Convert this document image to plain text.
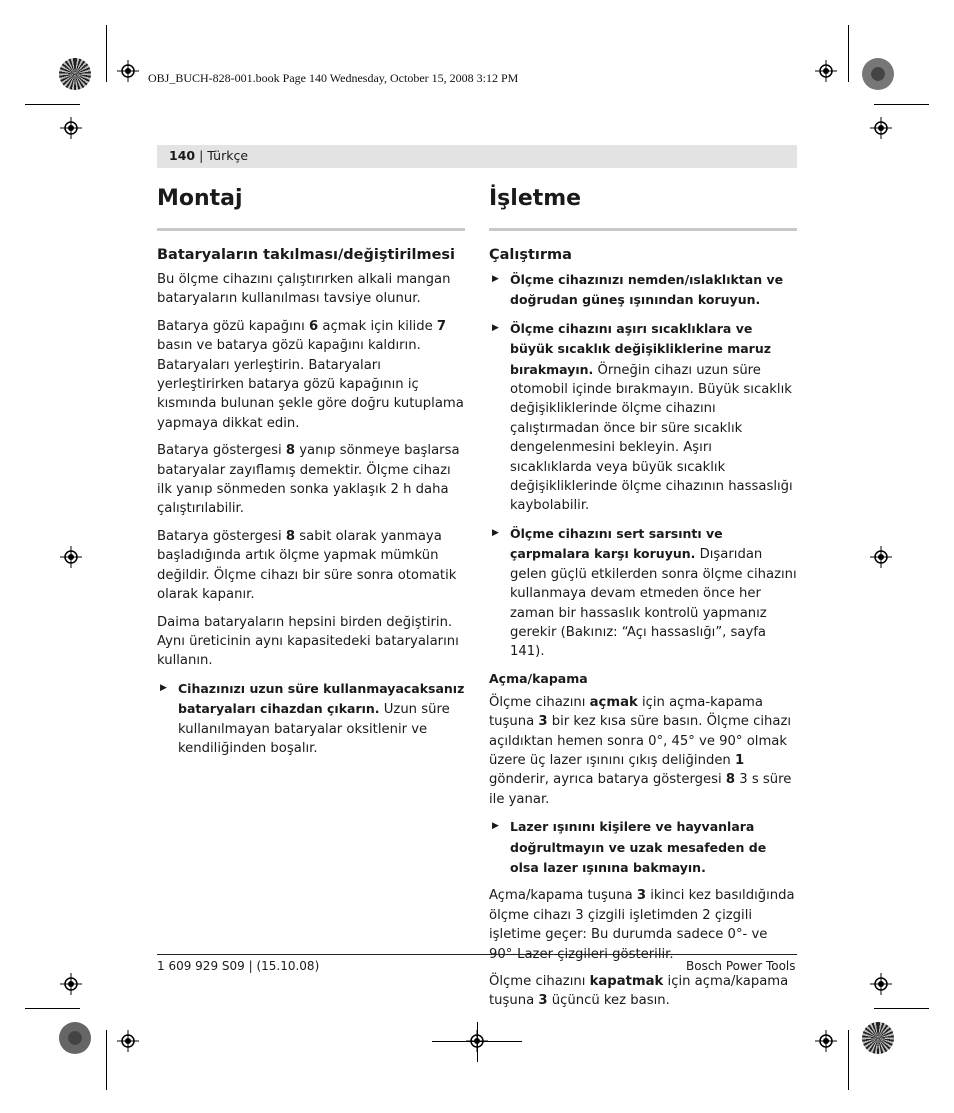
OBJ_BUCH-828-001.book Page 140 Wednesday, October 15, 2008 3:12 PM
140 | Türkçe
Montaj
Bataryaların takılması/değiştirilmesi

Bu ölçme cihazını çalıştırırken alkali mangan bataryaların kullanılması tavsiye olunur.

Batarya gözü kapağını 6 açmak için kilide 7 basın ve batarya gözü kapağını kaldırın. Bataryaları yerleştirin. Bataryaları yerleştirirken batarya gözü kapağının iç kısmında bulunan şekle göre doğru kutuplama yapmaya dikkat edin.

Batarya göstergesi 8 yanıp sönmeye başlarsa bataryalar zayıflamış demektir. Ölçme cihazı ilk yanıp sönmeden sonka yaklaşık 2 h daha çalıştırılabilir.

Batarya göstergesi 8 sabit olarak yanmaya başladığında artık ölçme yapmak mümkün değildir. Ölçme cihazı bir süre sonra otomatik olarak kapanır.

Daima bataryaların hepsini birden değiştirin. Aynı üreticinin aynı kapasitedeki bataryalarını kullanın.

▶ Cihazınızı uzun süre kullanmayacaksanız bataryaları cihazdan çıkarın. Uzun süre kullanılmayan bataryalar oksitlenir ve kendiliğinden boşalır.
İşletme
Çalıştırma
▶ Ölçme cihazınızı nemden/ıslaklıktan ve doğrudan güneş ışınından koruyun.
▶ Ölçme cihazını aşırı sıcaklıklara ve büyük sıcaklık değişikliklerine maruz bırakmayın. Örneğin cihazı uzun süre otomobil içinde bırakmayın. Büyük sıcaklık değişikliklerinde ölçme cihazını çalıştırmadan önce bir süre sıcaklık dengelenmesini bekleyin. Aşırı sıcaklıklarda veya büyük sıcaklık değişikliklerinde ölçme cihazının hassaslığı kaybolabilir.
▶ Ölçme cihazını sert sarsıntı ve çarpmalara karşı koruyun. Dışarıdan gelen güçlü etkilerden sonra ölçme cihazını kullanmaya devam etmeden önce her zaman bir hassaslık kontrolü yapmanız gerekir (Bakınız: “Açı hassaslığı”, sayfa 141).
Açma/kapama

Ölçme cihazını açmak için açma-kapama tuşuna 3 bir kez kısa süre basın. Ölçme cihazı açıldıktan hemen sonra 0°, 45° ve 90° olmak üzere üç lazer ışınını çıkış deliğinden 1 gönderir, ayrıca batarya göstergesi 8 3 s süre ile yanar.

▶ Lazer ışınını kişilere ve hayvanlara doğrultmayın ve uzak mesafeden de olsa lazer ışınına bakmayın.

Açma/kapama tuşuna 3 ikinci kez basıldığında ölçme cihazı 3 çizgili işletimden 2 çizgili işletime geçer: Bu durumda sadece 0°- ve 90°-Lazer çizgileri gösterilir.

Ölçme cihazını kapatmak için açma/kapama tuşuna 3 üçüncü kez basın.

1 609 929 S09 | (15.10.08)	Bosch Power Tools
